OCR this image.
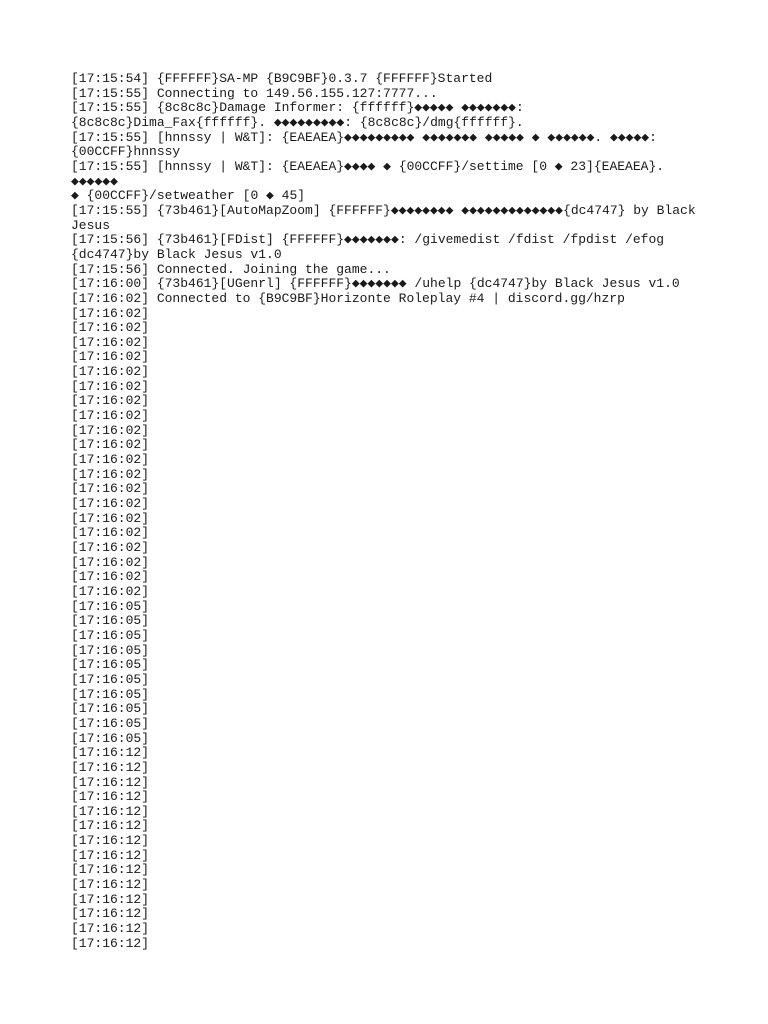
[17:15:54] {FFFFFF}SA-MP {B9C9BF}0.3.7 {FFFFFF}Started
[17:15:55] Connecting to 149.56.155.127:7777...
[17:15:55] {8c8c8c}Damage Informer: {ffffff}◆◆◆◆◆ ◆◆◆◆◆◆◆:
{8c8c8c}Dima_Fax{ffffff}. ◆◆◆◆◆◆◆◆◆: {8c8c8c}/dmg{ffffff}.
[17:15:55] [hnnssy | W&T]: {EAEAEA}◆◆◆◆◆◆◆◆◆ ◆◆◆◆◆◆◆ ◆◆◆◆◆ ◆ ◆◆◆◆◆◆. ◆◆◆◆◆:
{00CCFF}hnnssy
[17:15:55] [hnnssy | W&T]: {EAEAEA}◆◆◆◆ ◆ {00CCFF}/settime [0 ◆ 23]{EAEAEA}. ◆◆◆◆◆◆
◆ {00CCFF}/setweather [0 ◆ 45]
[17:15:55] {73b461}[AutoMapZoom] {FFFFFF}◆◆◆◆◆◆◆◆ ◆◆◆◆◆◆◆◆◆◆◆◆◆{dc4747} by Black
Jesus
[17:15:56] {73b461}[FDist] {FFFFFF}◆◆◆◆◆◆◆: /givemedist /fdist /fpdist /efog
{dc4747}by Black Jesus v1.0
[17:15:56] Connected. Joining the game...
[17:16:00] {73b461}[UGenrl] {FFFFFF}◆◆◆◆◆◆◆ /uhelp {dc4747}by Black Jesus v1.0
[17:16:02] Connected to {B9C9BF}Horizonte Roleplay #4 | discord.gg/hzrp
[17:16:02]
[17:16:02]
[17:16:02]
[17:16:02]
[17:16:02]
[17:16:02]
[17:16:02]
[17:16:02]
[17:16:02]
[17:16:02]
[17:16:02]
[17:16:02]
[17:16:02]
[17:16:02]
[17:16:02]
[17:16:02]
[17:16:02]
[17:16:02]
[17:16:02]
[17:16:02]
[17:16:05]
[17:16:05]
[17:16:05]
[17:16:05]
[17:16:05]
[17:16:05]
[17:16:05]
[17:16:05]
[17:16:05]
[17:16:05]
[17:16:12]
[17:16:12]
[17:16:12]
[17:16:12]
[17:16:12]
[17:16:12]
[17:16:12]
[17:16:12]
[17:16:12]
[17:16:12]
[17:16:12]
[17:16:12]
[17:16:12]
[17:16:12]
